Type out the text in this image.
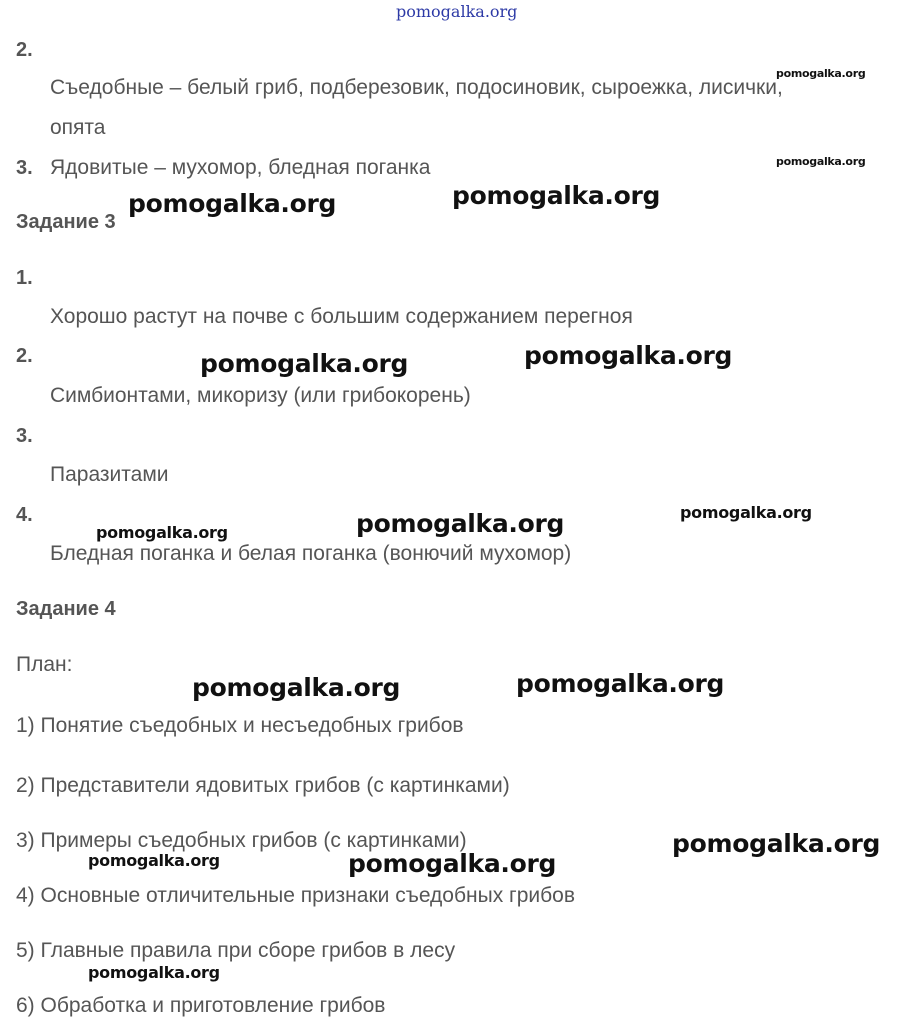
pomogalka.org
2.
Съедобные – белый гриб, подберезовик, подосиновик, сыроежка, лисички,
опята
3. Ядовитые – мухомор, бледная поганка
Задание 3
1.
Хорошо растут на почве с большим содержанием перегноя
2.
Симбионтами, микоризу (или грибокорень)
3.
Паразитами
4.
Бледная поганка и белая поганка (вонючий мухомор)
Задание 4
План:
1) Понятие съедобных и несъедобных грибов
2) Представители ядовитых грибов (с картинками)
3) Примеры съедобных грибов (с картинками)
4) Основные отличительные признаки съедобных грибов
5) Главные правила при сборе грибов в лесу
6) Обработка и приготовление грибов
pomogalka.org
pomogalka.org
pomogalka.org	pomogalka.org
pomogalka.org	pomogalka.org
pomogalka.org	pomogalka.org	pomogalka.org
pomogalka.org	pomogalka.org
pomogalka.org	pomogalka.org
pomogalka.org
pomogalka.org
